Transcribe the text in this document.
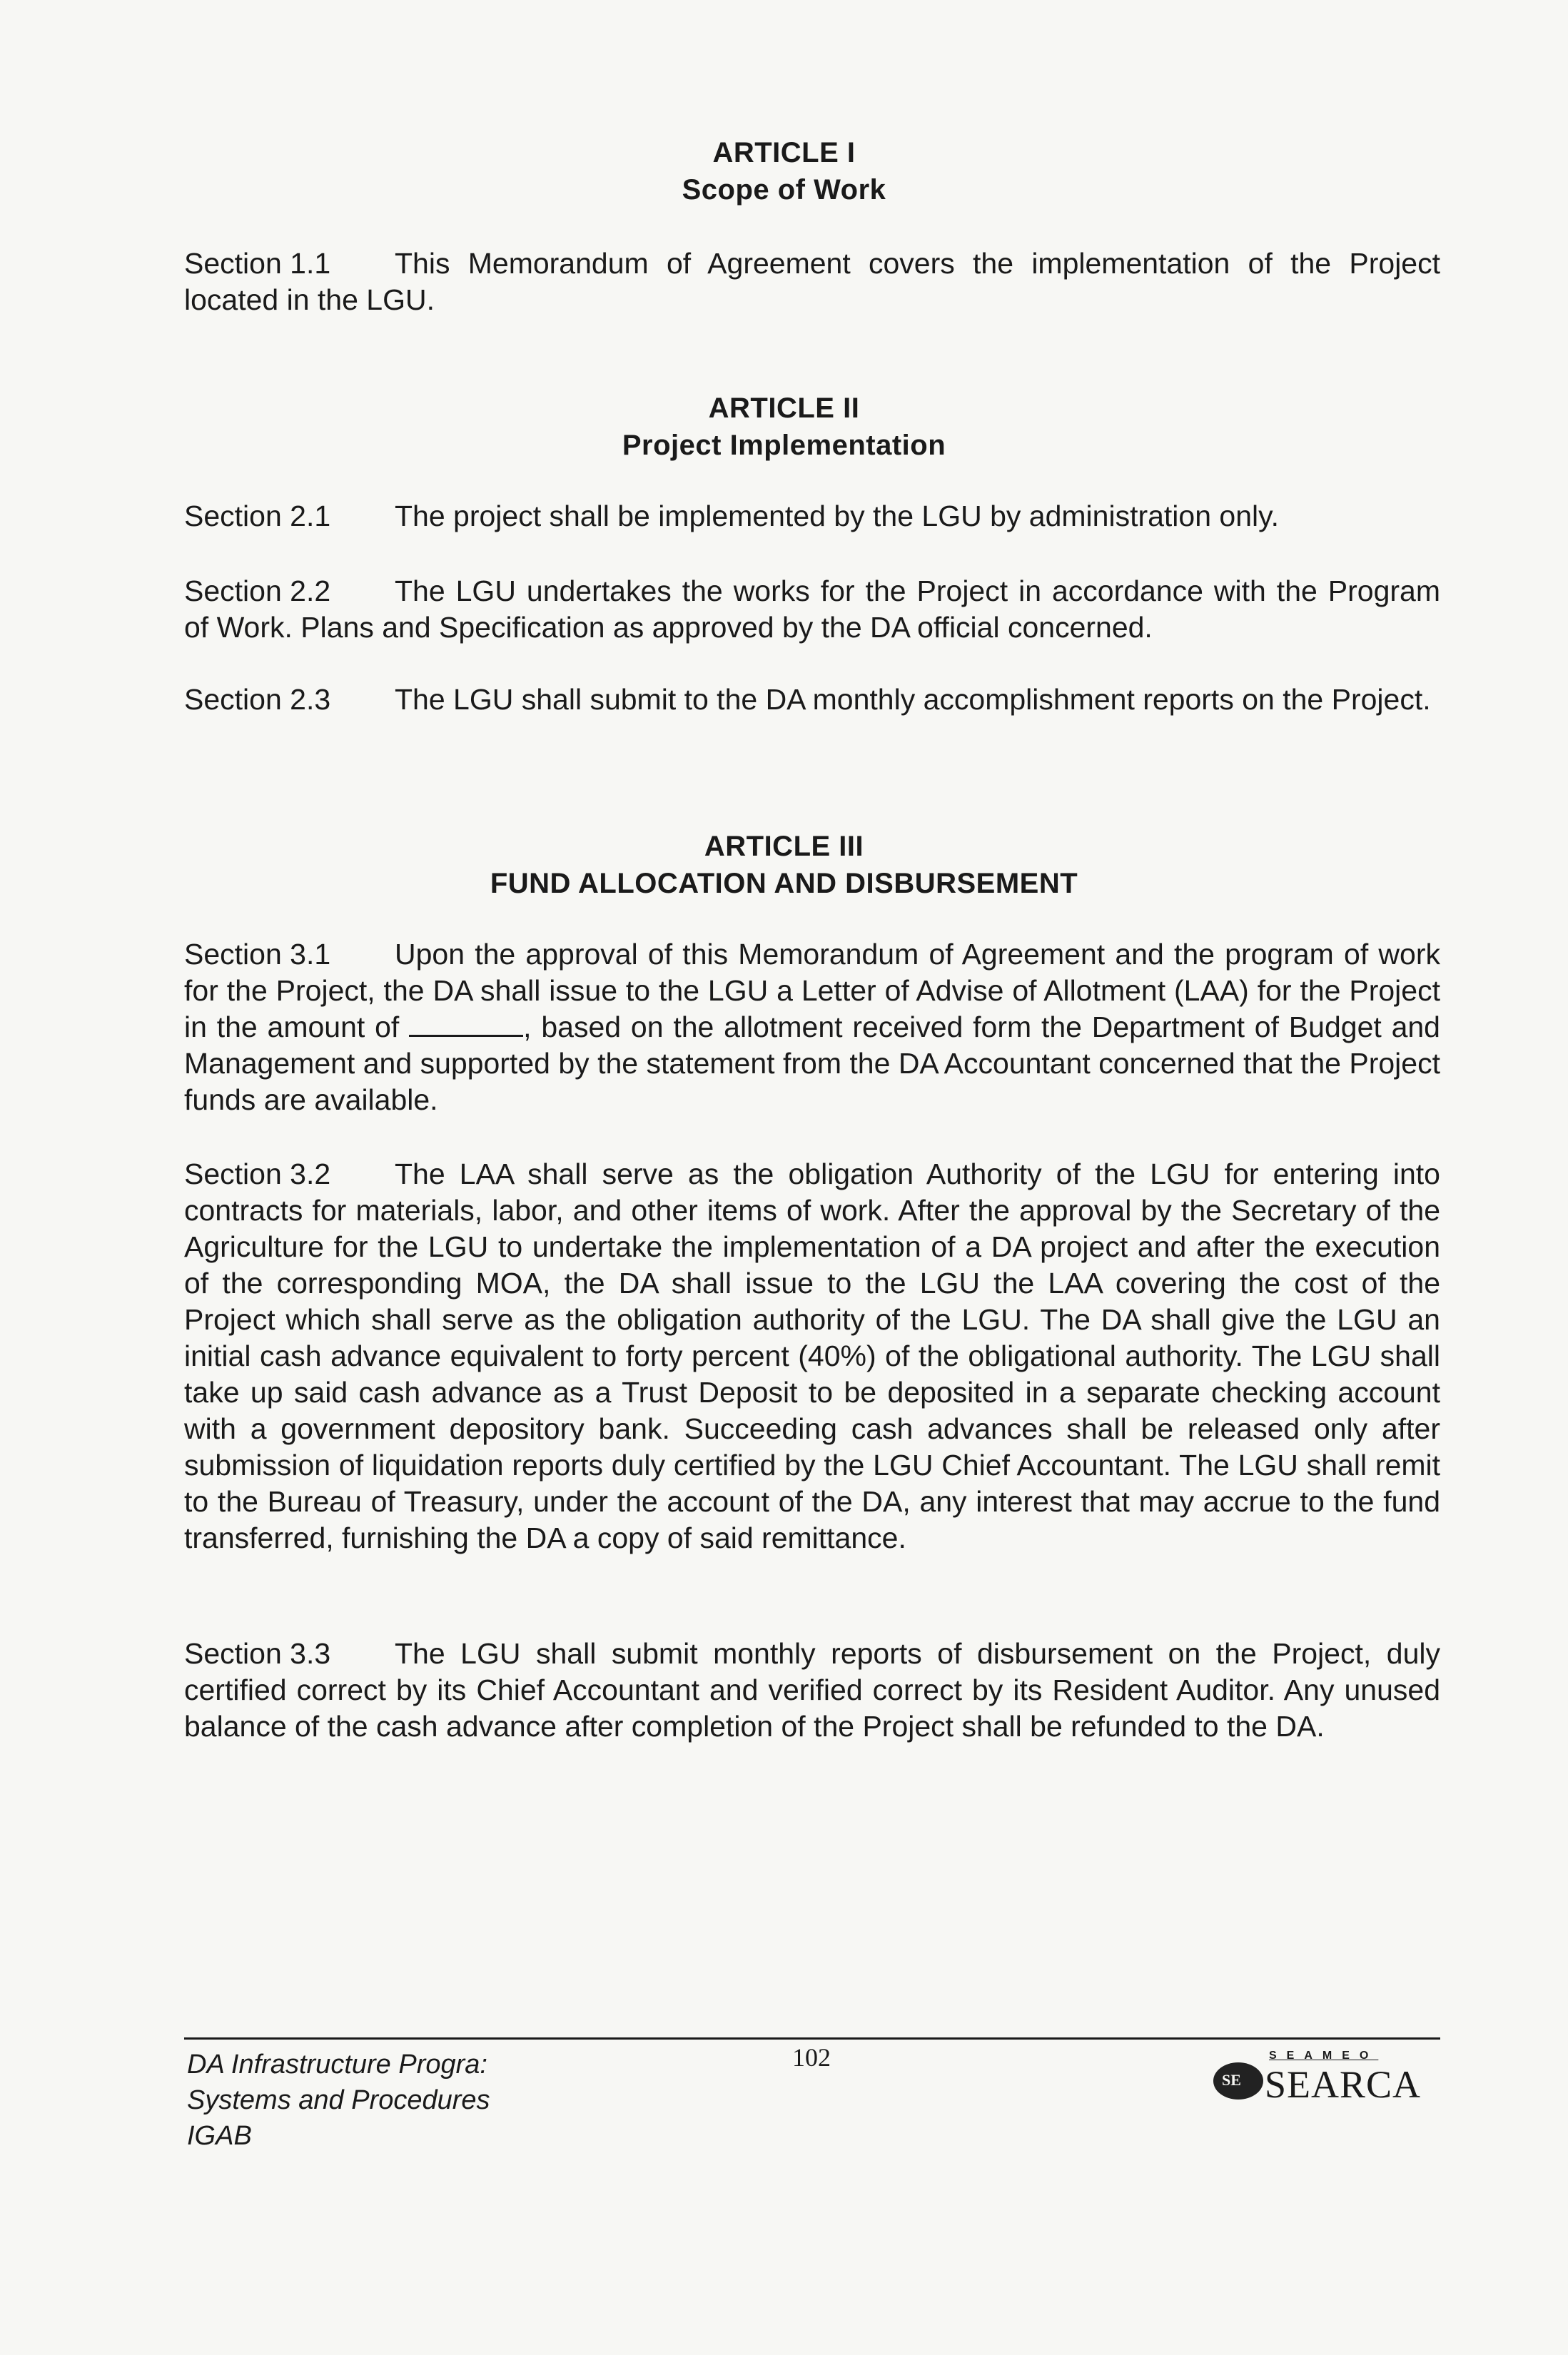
ARTICLE I
Scope of Work
Section 1.1 This Memorandum of Agreement covers the implementation of the Project located in the LGU.
ARTICLE II
Project Implementation
Section 2.1 The project shall be implemented by the LGU by administration only.
Section 2.2 The LGU undertakes the works for the Project in accordance with the Program of Work. Plans and Specification as approved by the DA official concerned.
Section 2.3 The LGU shall submit to the DA monthly accomplishment reports on the Project.
ARTICLE III
FUND ALLOCATION AND DISBURSEMENT
Section 3.1 Upon the approval of this Memorandum of Agreement and the program of work for the Project, the DA shall issue to the LGU a Letter of Advise of Allotment (LAA) for the Project in the amount of	, based on the allotment received form the Department of Budget and Management and supported by the statement from the DA Accountant concerned that the Project funds are available.
Section 3.2 The LAA shall serve as the obligation Authority of the LGU for entering into contracts for materials, labor, and other items of work. After the approval by the Secretary of the Agriculture for the LGU to undertake the implementation of a DA project and after the execution of the corresponding MOA, the DA shall issue to the LGU the LAA covering the cost of the Project which shall serve as the obligation authority of the LGU. The DA shall give the LGU an initial cash advance equivalent to forty percent (40%) of the obligational authority. The LGU shall take up said cash advance as a Trust Deposit to be deposited in a separate checking account with a government depository bank. Succeeding cash advances shall be released only after submission of liquidation reports duly certified by the LGU Chief Accountant. The LGU shall remit to the Bureau of Treasury, under the account of the DA, any interest that may accrue to the fund transferred, furnishing the DA a copy of said remittance.
Section 3.3 The LGU shall submit monthly reports of disbursement on the Project, duly certified correct by its Chief Accountant and verified correct by its Resident Auditor. Any unused balance of the cash advance after completion of the Project shall be refunded to the DA.
DA Infrastructure Progra:
Systems and Procedures
IGAB
102
SE
SEAMEO
SEARCA
